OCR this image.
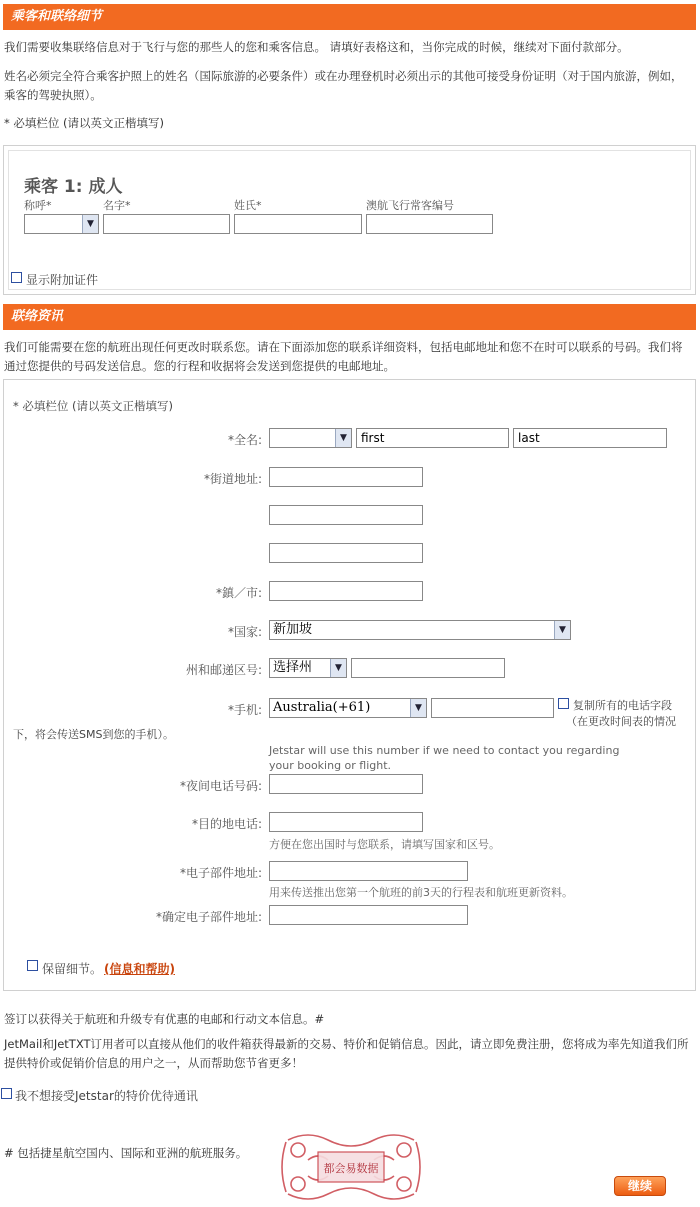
乘客和联络细节
我们需要收集联络信息对于飞行与您的那些人的您和乘客信息。 请填好表格这和，当你完成的时候，继续对下面付款部分。
姓名必须完全符合乘客护照上的姓名（国际旅游的必要条件）或在办理登机时必须出示的其他可接受身份证明（对于国内旅游，例如，乘客的驾驶执照）。
* 必填栏位 (请以英文正楷填写)
乘客 1: 成人
称呼*	名字*	姓氏*	澳航飞行常客编号
▼
显示附加证件
联络资讯
我们可能需要在您的航班出现任何更改时联系您。请在下面添加您的联系详细资料，包括电邮地址和您不在时可以联系的号码。我们将通过您提供的号码发送信息。您的行程和收据将会发送到您提供的电邮地址。
* 必填栏位 (请以英文正楷填写)
*全名:	▼
first
last
*街道地址:
*鎮／市:
*国家: 新加坡	▼
州和邮递区号: 选择州	▼
*手机: Australia(+61)	▼	复制所有的电话字段
（在更改时间表的情况
下，将会传送SMS到您的手机）。
Jetstar will use this number if we need to contact you regarding your booking or flight.
*夜间电话号码:
*目的地电话:
方便在您出国时与您联系，请填写国家和区号。
*电子部件地址:
用来传送推出您第一个航班的前3天的行程表和航班更新资料。
*确定电子部件地址:
保留细节。 (信息和帮助)
签订以获得关于航班和升级专有优惠的电邮和行动文本信息。#
JetMail和JetTXT订用者可以直接从他们的收件箱获得最新的交易、特价和促销信息。因此，请立即免费注册，您将成为率先知道我们所提供特价或促销价信息的用户之一，从而帮助您节省更多！
我不想接受Jetstar的特价优待通讯
# 包括捷星航空国内、国际和亚洲的航班服务。
都会易数据
继续
